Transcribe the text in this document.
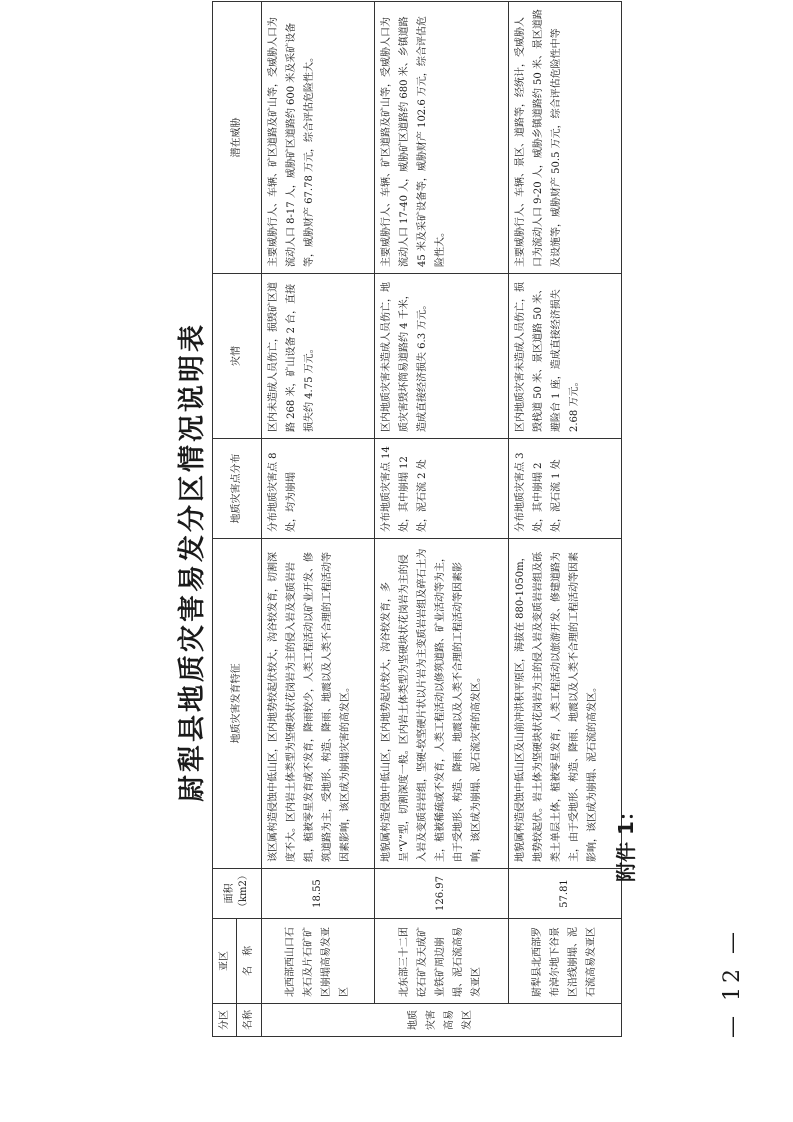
尉犁县地质灾害易发分区情况说明表
分区	亚区	面积 （km2）	地质灾害发育特征	地质灾害点分布	灾情	潜在威胁
名称	名　称					
地质灾害高易发区	北西部西山口石灰石及片石矿矿区崩塌高易发亚区	18.55	该区属构造侵蚀中低山区，区内地势较起伏较大，沟谷较发育，切割深度不大。区内岩土体类型为坚硬块状花岗岩为主的侵入岩及变质岩岩组，植被零星发育或不发育，降雨较少，人类工程活动以矿业开发、修筑道路为主，受地形、构造、降雨、地震以及人类不合理的工程活动等因素影响，该区成为崩塌灾害的高发区。	分布地质灾害点 8 处，均为崩塌	区内未造成人员伤亡，损毁矿区道路 268 米，矿山设备 2 台，直接损失约 4.75 万元。	主要威胁行人、车辆、矿区道路及矿山等，受威胁人口为流动人口 8-17 人，威胁矿区道路约 600 米及采矿设备等，威胁财产 67.78 万元，综合评估危险性大。
	北东部三十二团砭石矿及天成矿业铁矿周边崩塌、泥石流高易发亚区	126.97	地貌属构造侵蚀中低山区，区内地势起伏较大，沟谷较发育，多呈“V”型，切割深度一般。区内岩土体类型为坚硬块状花岗岩为主的侵入岩及变质岩岩组，坚硬-较坚硬片状以片岩为主变质岩岩组及碎石土为主，植被稀疏或不发育，人类工程活动以修筑道路、矿业活动等为主，由于受地形、构造、降雨、地震以及人类不合理的工程活动等因素影响，该区成为崩塌、泥石流灾害的高发区。	分布地质灾害点 14 处，其中崩塌 12 处，泥石流 2 处	区内地质灾害未造成人员伤亡，地质灾害毁坏简易道路约 4 千米，造成直接经济损失 6.3 万元。	主要威胁行人、车辆、矿区道路及矿山等，受威胁人口为流动人口 17-40 人，威胁矿区道路约 680 米、乡镇道路 45 米及采矿设备等，威胁财产 102.6 万元，综合评估危险性大。
	尉犁县北西部罗布淖尔地下谷景区沿线崩塌、泥石流高易发亚区	57.81	地貌属构造侵蚀中低山区及山前冲洪积平原区，海拔在 880-1050m，地势较起伏。岩土体为坚硬块状花岗岩为主的侵入岩及变质岩岩组及砾类土单层土体，植被零星发育，人类工程活动以旅游开发、修建道路为主，由于受地形、构造、降雨、地震以及人类不合理的工程活动等因素影响，该区成为崩塌、泥石流的高发区。	分布地质灾害点 3 处，其中崩塌 2 处，泥石流 1 处	区内地质灾害未造成人员伤亡，损毁栈道 50 米、景区道路 50 米、避险台 1 座，造成直接经济损失 2.68 万元。	主要威胁行人、车辆、景区、道路等，经统计，受威胁人口为流动人口 9-20 人，威胁乡镇道路约 50 米、景区道路及设施等，威胁财产 50.5 万元，综合评估危险性中等
附件 1：
— 12 —
